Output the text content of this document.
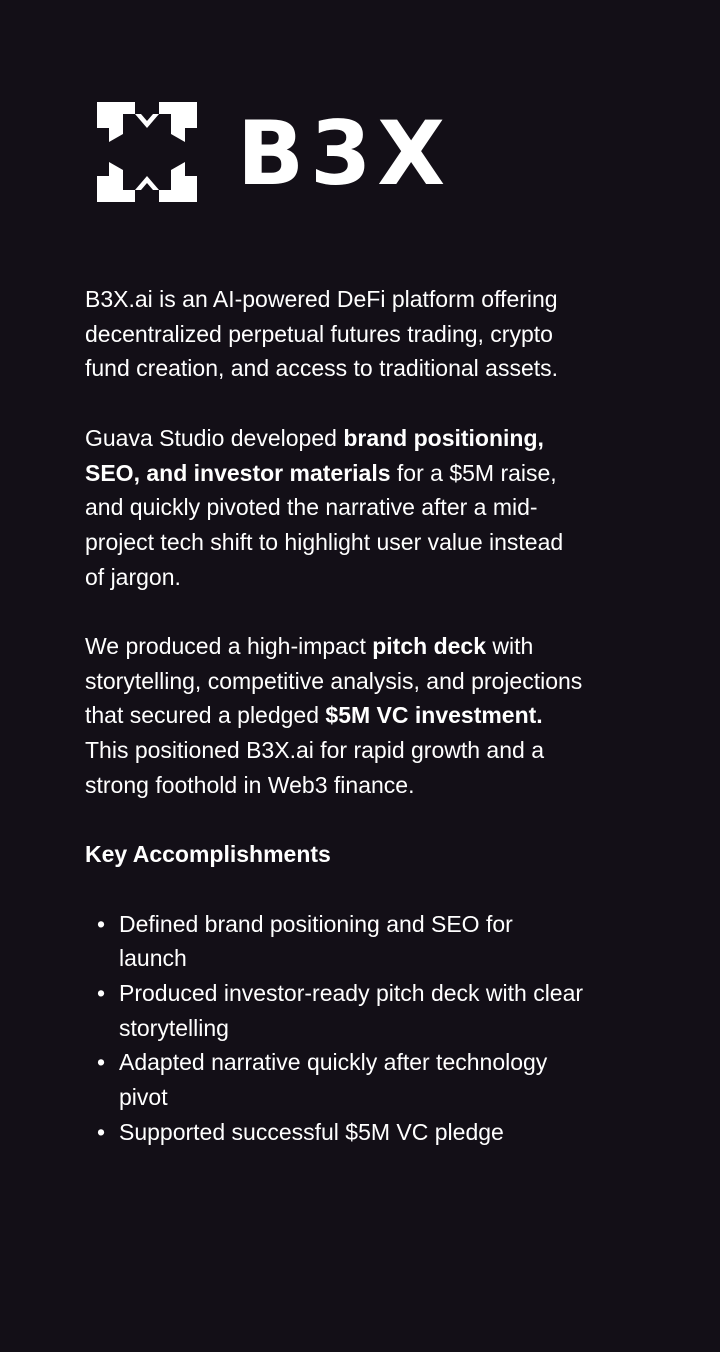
B3X

B3X.ai is an AI-powered DeFi platform offering decentralized perpetual futures trading, crypto fund creation, and access to traditional assets.

Guava Studio developed brand positioning, SEO, and investor materials for a $5M raise, and quickly pivoted the narrative after a mid-project tech shift to highlight user value instead of jargon.

We produced a high-impact pitch deck with storytelling, competitive analysis, and projections that secured a pledged $5M VC investment. This positioned B3X.ai for rapid growth and a strong foothold in Web3 finance.

Key Accomplishments
• Defined brand positioning and SEO for launch
• Produced investor-ready pitch deck with clear storytelling
• Adapted narrative quickly after technology pivot
• Supported successful $5M VC pledge
